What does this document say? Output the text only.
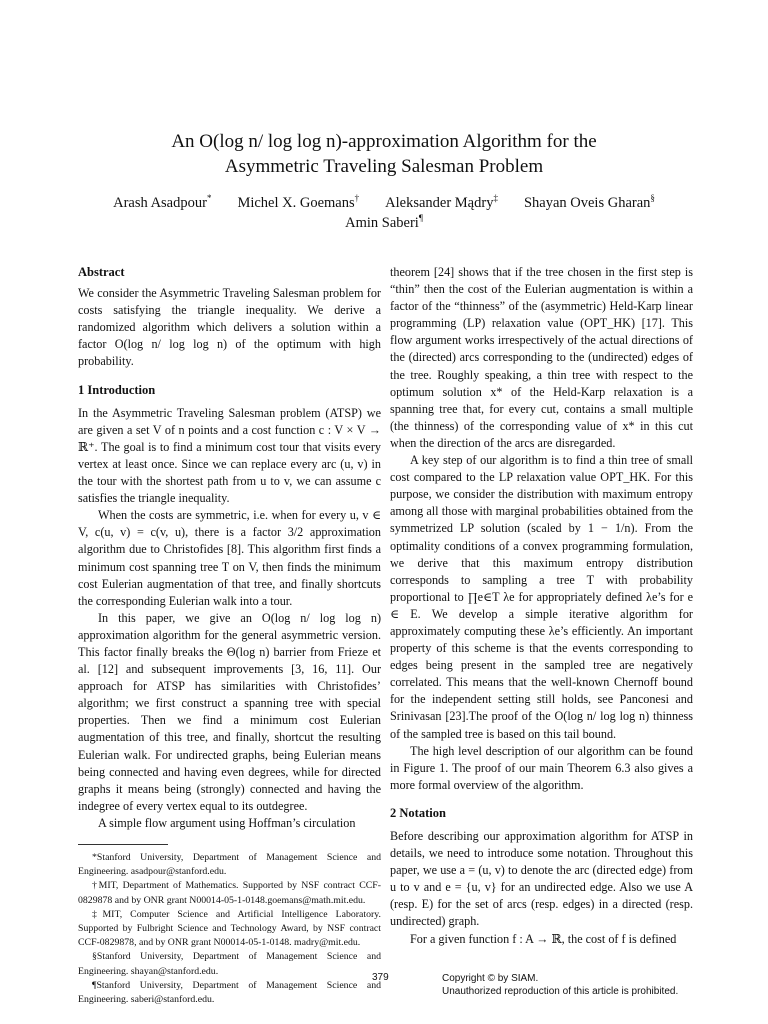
An O(log n/ log log n)-approximation Algorithm for the
Asymmetric Traveling Salesman Problem
Arash Asadpour* Michel X. Goemans† Aleksander Mądry‡ Shayan Oveis Gharan§
Amin Saberi¶
Abstract

We consider the Asymmetric Traveling Salesman problem for costs satisfying the triangle inequality. We derive a randomized algorithm which delivers a solution within a factor O(log n/ log log n) of the optimum with high probability.

1 Introduction

In the Asymmetric Traveling Salesman problem (ATSP) we are given a set V of n points and a cost function c : V × V → ℝ⁺. The goal is to find a minimum cost tour that visits every vertex at least once. Since we can replace every arc (u, v) in the tour with the shortest path from u to v, we can assume c satisfies the triangle inequality.

When the costs are symmetric, i.e. when for every u, v ∈ V, c(u, v) = c(v, u), there is a factor 3/2 approximation algorithm due to Christofides [8]. This algorithm first finds a minimum cost spanning tree T on V, then finds the minimum cost Eulerian augmentation of that tree, and finally shortcuts the corresponding Eulerian walk into a tour.

In this paper, we give an O(log n/ log log n) approximation algorithm for the general asymmetric version. This factor finally breaks the Θ(log n) barrier from Frieze et al. [12] and subsequent improvements [3, 16, 11]. Our approach for ATSP has similarities with Christofides’ algorithm; we first construct a spanning tree with special properties. Then we find a minimum cost Eulerian augmentation of this tree, and finally, shortcut the resulting Eulerian walk. For undirected graphs, being Eulerian means being connected and having even degrees, while for directed graphs it means being (strongly) connected and having the indegree of every vertex equal to its outdegree.

A simple flow argument using Hoffman’s circulation

*Stanford University, Department of Management Science and Engineering. asadpour@stanford.edu.

†MIT, Department of Mathematics. Supported by NSF contract CCF-0829878 and by ONR grant N00014-05-1-0148.goemans@math.mit.edu.

‡MIT, Computer Science and Artificial Intelligence Laboratory. Supported by Fulbright Science and Technology Award, by NSF contract CCF-0829878, and by ONR grant N00014-05-1-0148. madry@mit.edu.

§Stanford University, Department of Management Science and Engineering. shayan@stanford.edu.

¶Stanford University, Department of Management Science and Engineering. saberi@stanford.edu.

theorem [24] shows that if the tree chosen in the first step is “thin” then the cost of the Eulerian augmentation is within a factor of the “thinness” of the (asymmetric) Held-Karp linear programming (LP) relaxation value (OPT_HK) [17]. This flow argument works irrespectively of the actual directions of the (directed) arcs corresponding to the (undirected) edges of the tree. Roughly speaking, a thin tree with respect to the optimum solution x* of the Held-Karp relaxation is a spanning tree that, for every cut, contains a small multiple (the thinness) of the corresponding value of x* in this cut when the direction of the arcs are disregarded.

A key step of our algorithm is to find a thin tree of small cost compared to the LP relaxation value OPT_HK. For this purpose, we consider the distribution with maximum entropy among all those with marginal probabilities obtained from the symmetrized LP solution (scaled by 1 − 1/n). From the optimality conditions of a convex programming formulation, we derive that this maximum entropy distribution corresponds to sampling a tree T with probability proportional to ∏e∈T λe for appropriately defined λe’s for e ∈ E. We develop a simple iterative algorithm for approximately computing these λe’s efficiently. An important property of this scheme is that the events corresponding to edges being present in the sampled tree are negatively correlated. This means that the well-known Chernoff bound for the independent setting still holds, see Panconesi and Srinivasan [23].The proof of the O(log n/ log log n) thinness of the sampled tree is based on this tail bound.

The high level description of our algorithm can be found in Figure 1. The proof of our main Theorem 6.3 also gives a more formal overview of the algorithm.

2 Notation

Before describing our approximation algorithm for ATSP in details, we need to introduce some notation. Throughout this paper, we use a = (u, v) to denote the arc (directed edge) from u to v and e = {u, v} for an undirected edge. Also we use A (resp. E) for the set of arcs (resp. edges) in a directed (resp. undirected) graph.

For a given function f : A → ℝ, the cost of f is defined

379	Copyright © by SIAM.
Unauthorized reproduction of this article is prohibited.
